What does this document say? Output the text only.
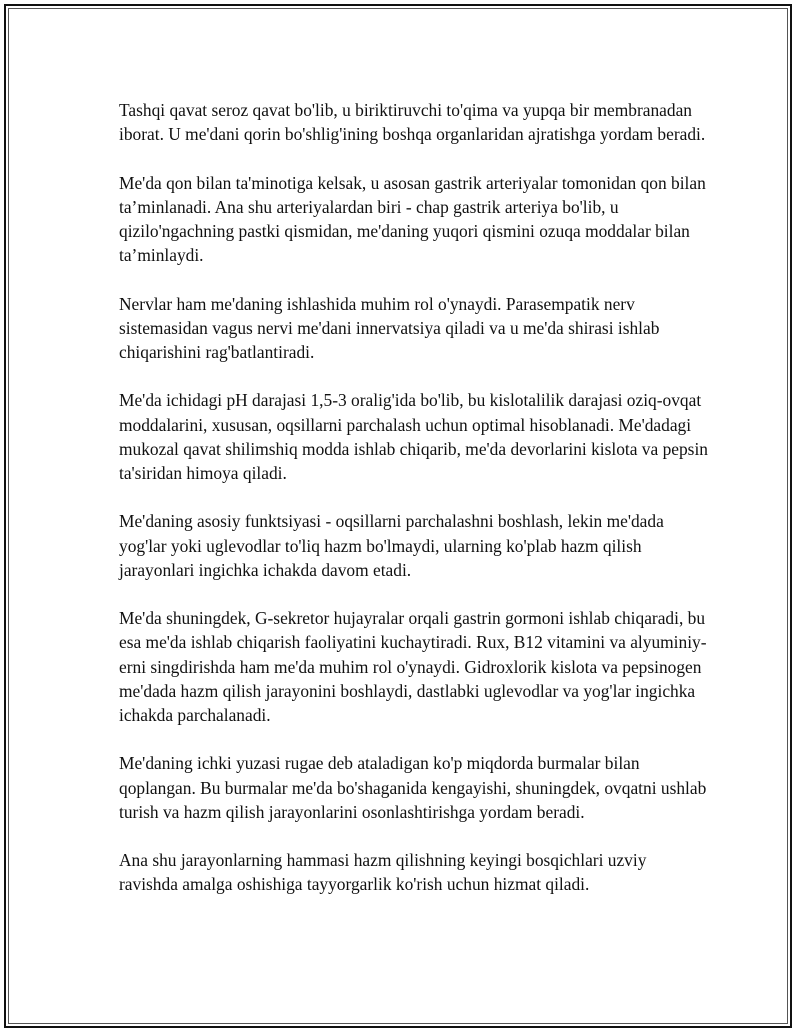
Tashqi qavat seroz qavat bo'lib, u biriktiruvchi to'qima va yupqa bir membranadan iborat. U me'dani qorin bo'shlig'ining boshqa organlaridan ajratishga yordam beradi.

Me'da qon bilan ta'minotiga kelsak, u asosan gastrik arteriyalar tomonidan qon bilan ta’minlanadi. Ana shu arteriyalardan biri - chap gastrik arteriya bo'lib, u qizilo'ngachning pastki qismidan, me'daning yuqori qismini ozuqa moddalar bilan ta’minlaydi.

Nervlar ham me'daning ishlashida muhim rol o'ynaydi. Parasempatik nerv sistemasidan vagus nervi me'dani innervatsiya qiladi va u me'da shirasi ishlab chiqarishini rag'batlantiradi.

Me'da ichidagi pH darajasi 1,5-3 oralig'ida bo'lib, bu kislotalilik darajasi oziq-ovqat moddalarini, xususan, oqsillarni parchalash uchun optimal hisoblanadi. Me'dadagi mukozal qavat shilimshiq modda ishlab chiqarib, me'da devorlarini kislota va pepsin ta'siridan himoya qiladi.

Me'daning asosiy funktsiyasi - oqsillarni parchalashni boshlash, lekin me'dada yog'lar yoki uglevodlar to'liq hazm bo'lmaydi, ularning ko'plab hazm qilish jarayonlari ingichka ichakda davom etadi.

Me'da shuningdek, G-sekretor hujayralar orqali gastrin gormoni ishlab chiqaradi, bu esa me'da ishlab chiqarish faoliyatini kuchaytiradi. Rux, B12 vitamini va alyuminiy-erni singdirishda ham me'da muhim rol o'ynaydi. Gidroxlorik kislota va pepsinogen me'dada hazm qilish jarayonini boshlaydi, dastlabki uglevodlar va yog'lar ingichka ichakda parchalanadi.

Me'daning ichki yuzasi rugae deb ataladigan ko'p miqdorda burmalar bilan qoplangan. Bu burmalar me'da bo'shaganida kengayishi, shuningdek, ovqatni ushlab turish va hazm qilish jarayonlarini osonlashtirishga yordam beradi.

Ana shu jarayonlarning hammasi hazm qilishning keyingi bosqichlari uzviy ravishda amalga oshishiga tayyorgarlik ko'rish uchun hizmat qiladi.
